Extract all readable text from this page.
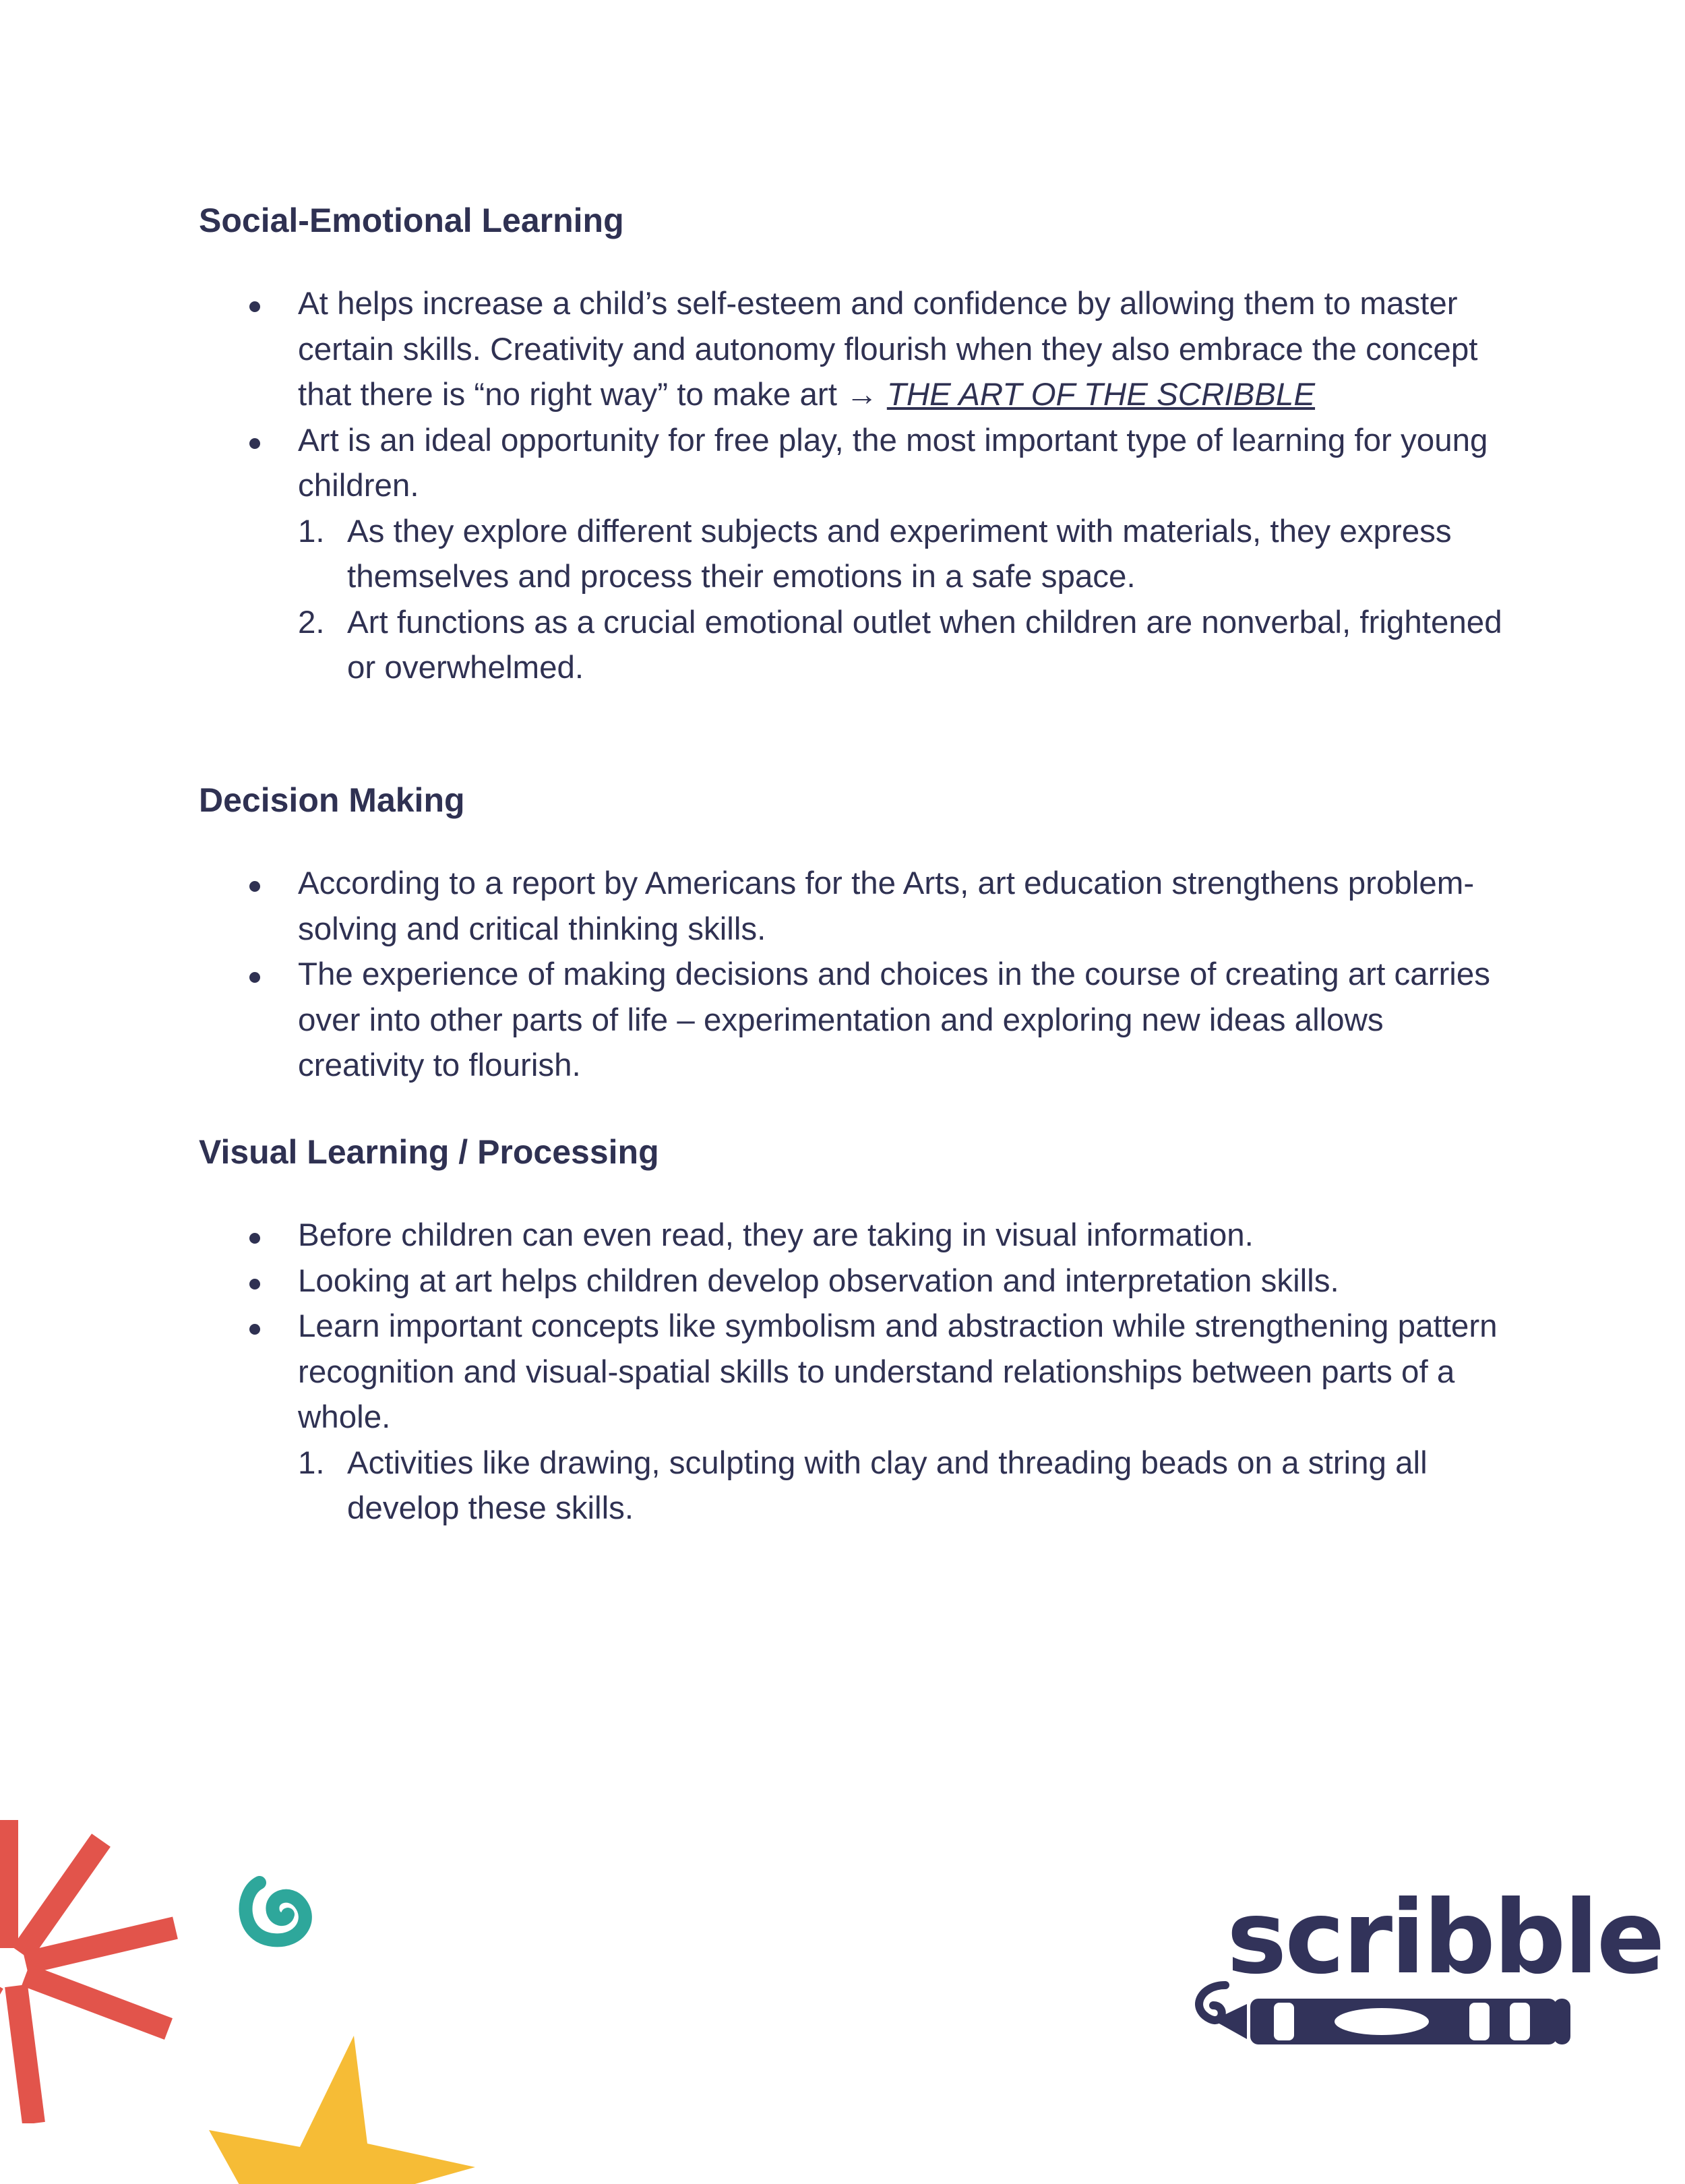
Social-Emotional Learning
At helps increase a child’s self-esteem and confidence by allowing them to master certain skills. Creativity and autonomy flourish when they also embrace the concept that there is “no right way” to make art → THE ART OF THE SCRIBBLE
Art is an ideal opportunity for free play, the most important type of learning for young children.
1. As they explore different subjects and experiment with materials, they express themselves and process their emotions in a safe space.
2. Art functions as a crucial emotional outlet when children are nonverbal, frightened or overwhelmed.
Decision Making
According to a report by Americans for the Arts, art education strengthens problem-solving and critical thinking skills.
The experience of making decisions and choices in the course of creating art carries over into other parts of life – experimentation and exploring new ideas allows creativity to flourish.
Visual Learning / Processing
Before children can even read, they are taking in visual information.
Looking at art helps children develop observation and interpretation skills.
Learn important concepts like symbolism and abstraction while strengthening pattern recognition and visual-spatial skills to understand relationships between parts of a whole.
1. Activities like drawing, sculpting with clay and threading beads on a string all develop these skills.
scribble
